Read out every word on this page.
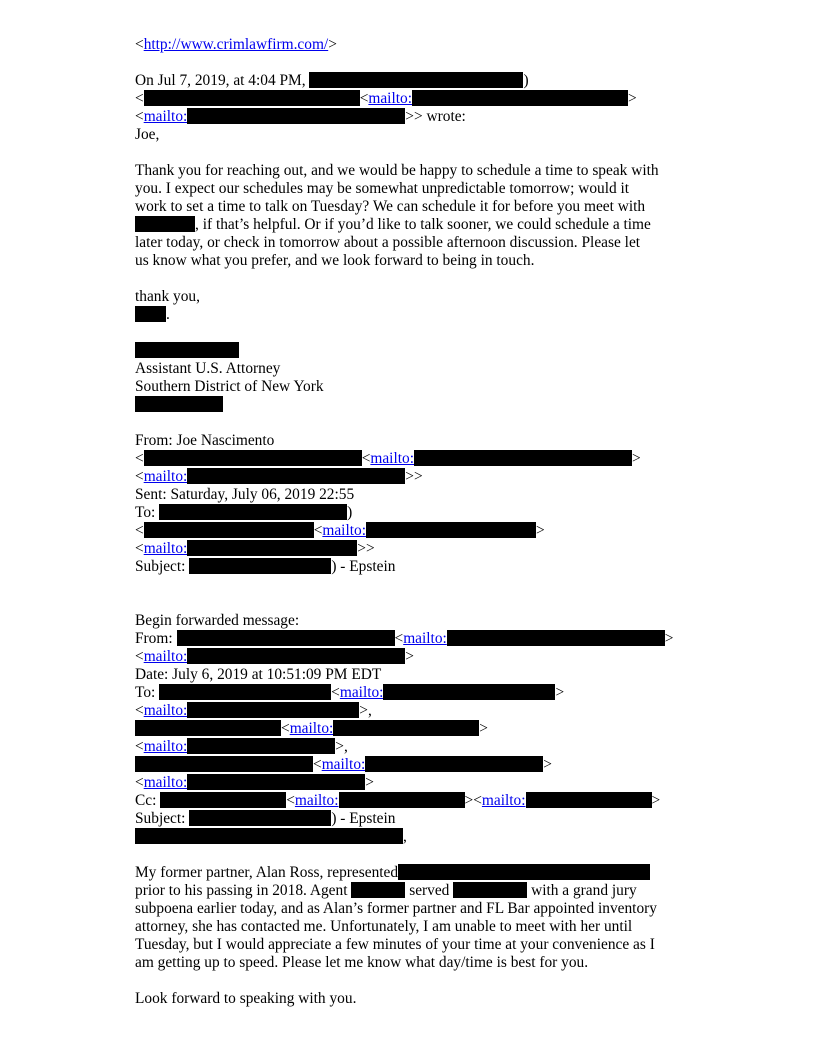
<http://www.crimlawfirm.com/>
On Jul 7, 2019, at 4:04 PM,	)
<	<mailto:	>
<mailto:	>> wrote:
Joe,
Thank you for reaching out, and we would be happy to schedule a time to speak with
you. I expect our schedules may be somewhat unpredictable tomorrow; would it
work to set a time to talk on Tuesday? We can schedule it for before you meet with
, if that’s helpful. Or if you’d like to talk sooner, we could schedule a time
later today, or check in tomorrow about a possible afternoon discussion. Please let
us know what you prefer, and we look forward to being in touch.
thank you,
.
Assistant U.S. Attorney
Southern District of New York
From: Joe Nascimento
<	<mailto:	>
<mailto:	>>
Sent: Saturday, July 06, 2019 22:55
To:	)
<	<mailto:	>
<mailto:	>>
Subject:	) - Epstein
Begin forwarded message:
From:	<mailto:	>
<mailto:	>
Date: July 6, 2019 at 10:51:09 PM EDT
To:	<mailto:	>
<mailto:	>,
<mailto:	>
<mailto:	>,
<mailto:	>
<mailto:	>
Cc:	<mailto:	><mailto:	>
Subject:	) - Epstein
,
My former partner, Alan Ross, represented
prior to his passing in 2018. Agent	served	with a grand jury
subpoena earlier today, and as Alan’s former partner and FL Bar appointed inventory
attorney, she has contacted me. Unfortunately, I am unable to meet with her until
Tuesday, but I would appreciate a few minutes of your time at your convenience as I
am getting up to speed. Please let me know what day/time is best for you.
Look forward to speaking with you.
